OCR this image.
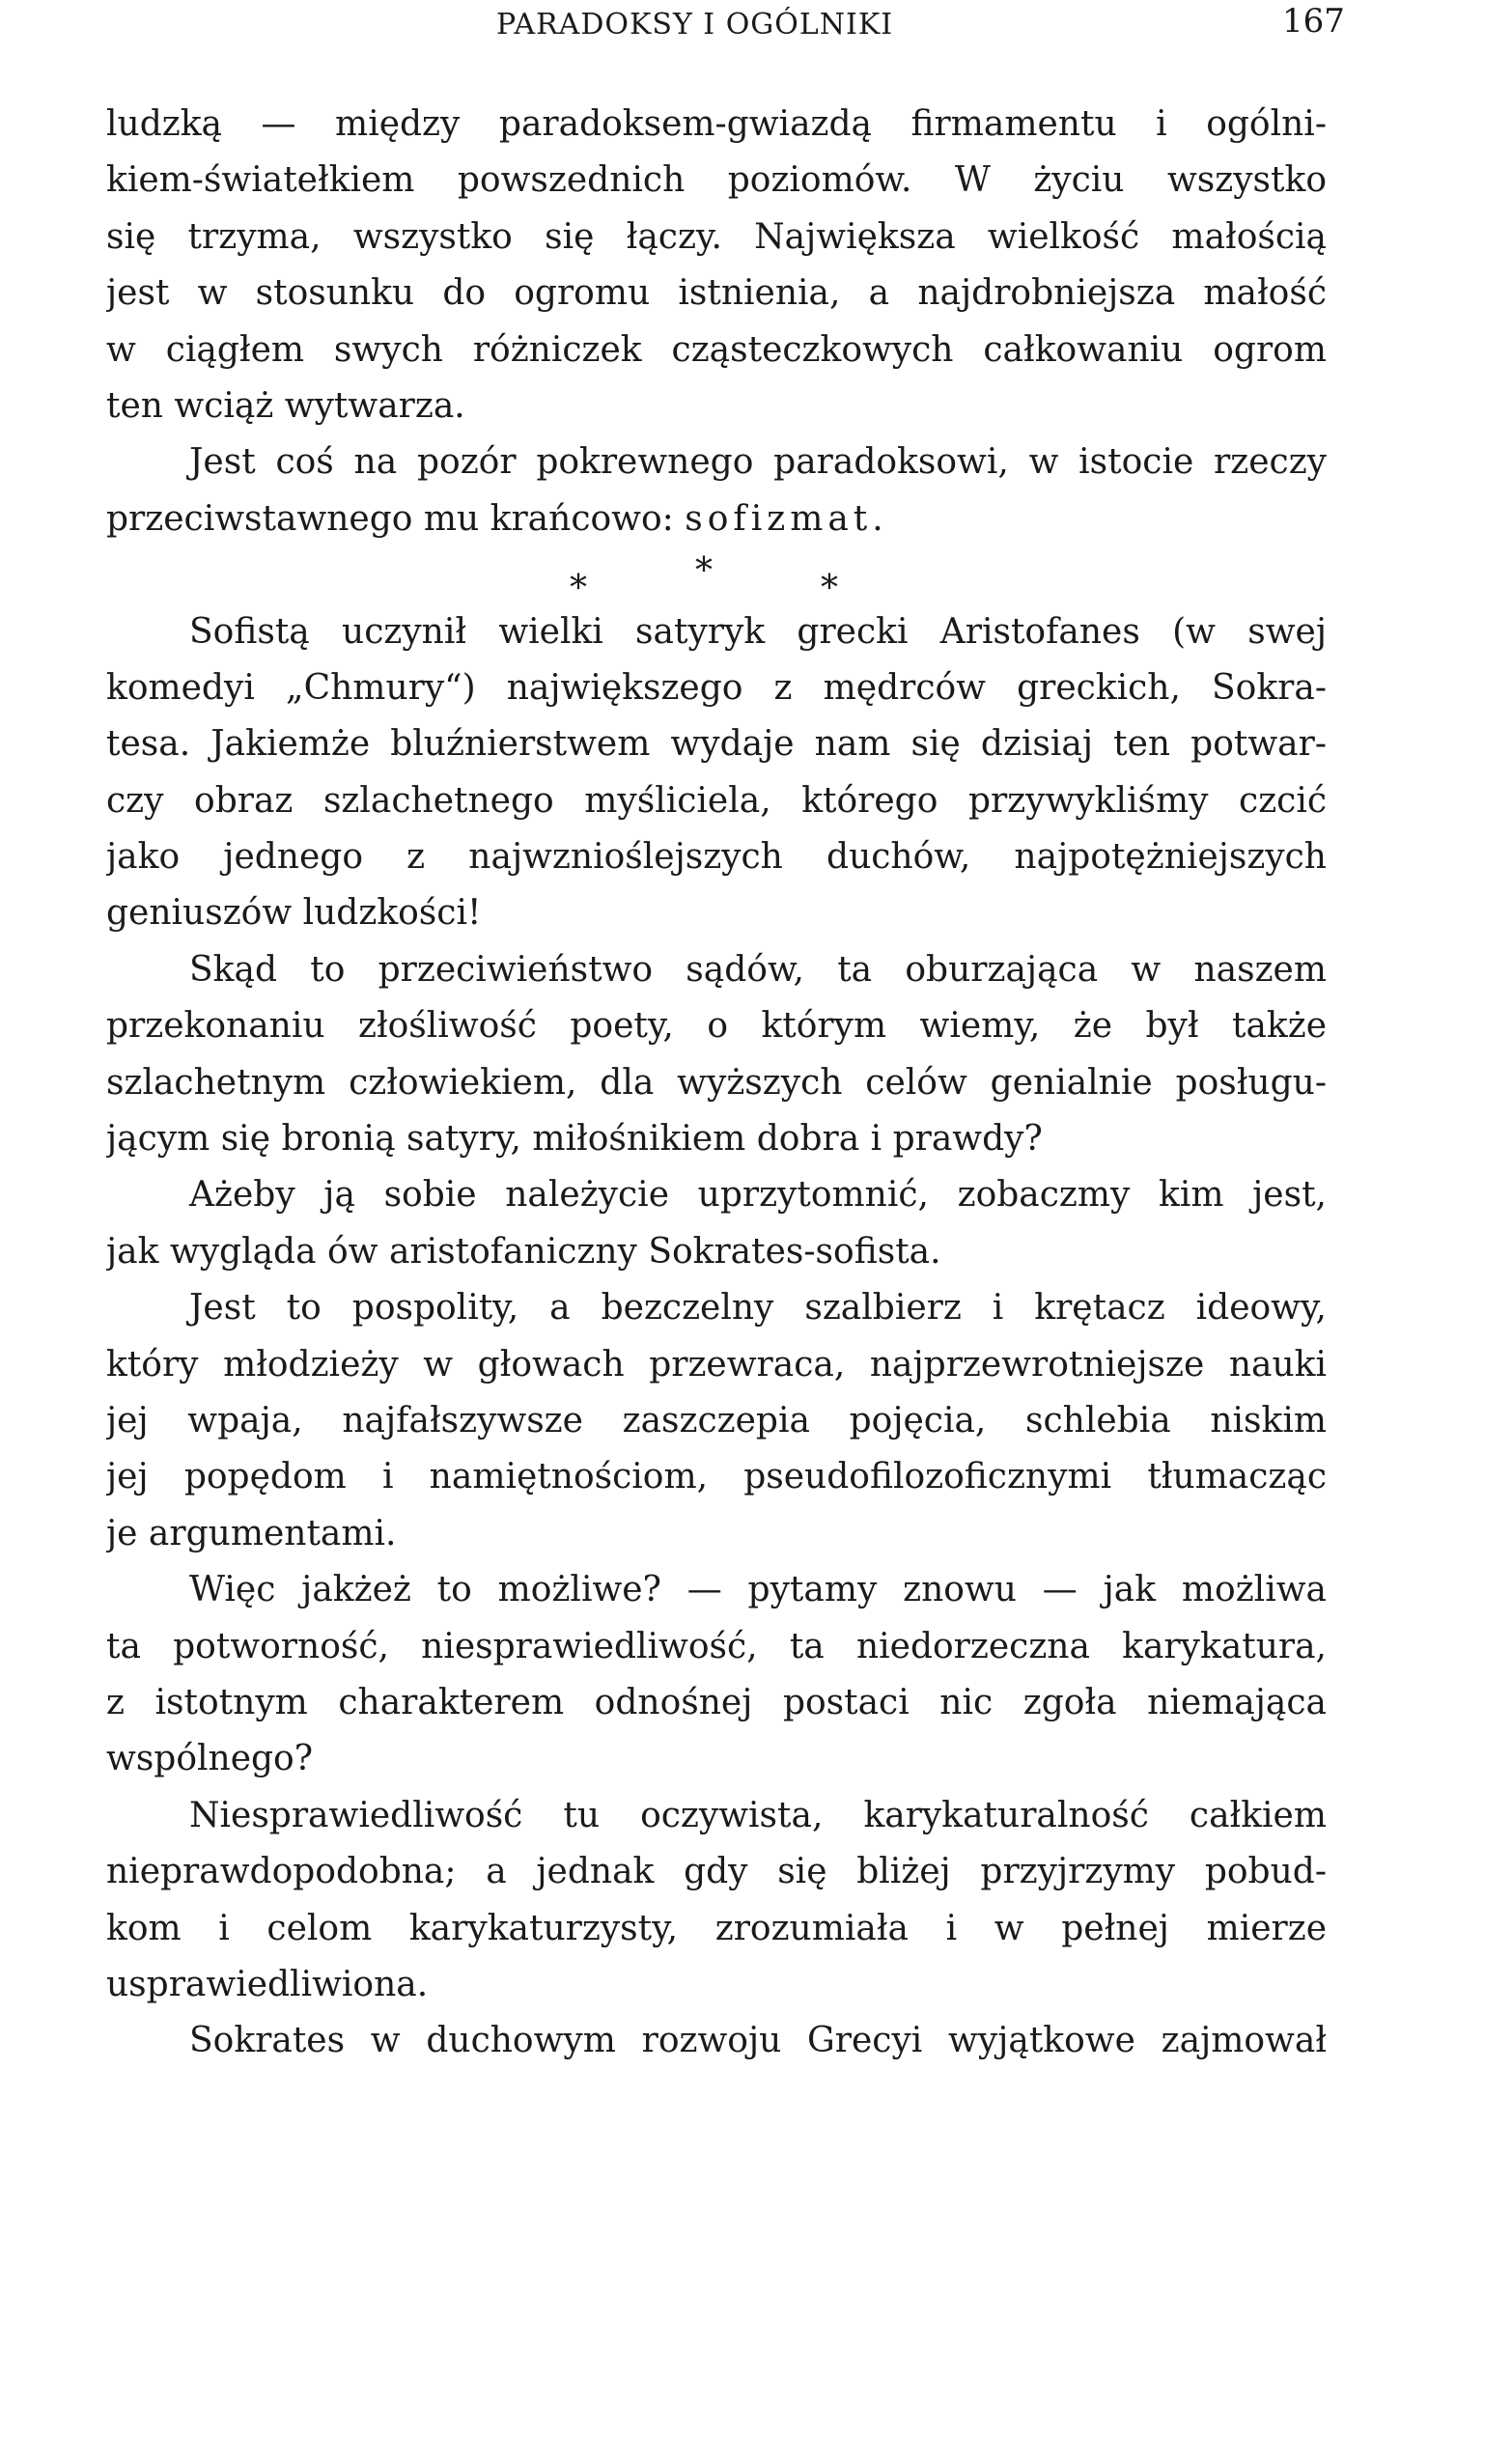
PARADOKSY I OGÓLNIKI	167
ludzką — między paradoksem-gwiazdą firmamentu i ogólni-
kiem-światełkiem powszednich poziomów. W życiu wszystko
się trzyma, wszystko się łączy. Największa wielkość małością
jest w stosunku do ogromu istnienia, a najdrobniejsza małość
w ciągłem swych różniczek cząsteczkowych całkowaniu ogrom
ten wciąż wytwarza.
Jest coś na pozór pokrewnego paradoksowi, w istocie rzeczy
przeciwstawnego mu krańcowo: sofizmat.
*	*	*
Sofistą uczynił wielki satyryk grecki Aristofanes (w swej
komedyi „Chmury“) największego z mędrców greckich, Sokra-
tesa. Jakiemże bluźnierstwem wydaje nam się dzisiaj ten potwar-
czy obraz szlachetnego myśliciela, którego przywykliśmy czcić
jako jednego z najwznioślejszych duchów, najpotężniejszych
geniuszów ludzkości!
Skąd to przeciwieństwo sądów, ta oburzająca w naszem
przekonaniu złośliwość poety, o którym wiemy, że był także
szlachetnym człowiekiem, dla wyższych celów genialnie posługu-
jącym się bronią satyry, miłośnikiem dobra i prawdy?
Ażeby ją sobie należycie uprzytomnić, zobaczmy kim jest,
jak wygląda ów aristofaniczny Sokrates-sofista.
Jest to pospolity, a bezczelny szalbierz i krętacz ideowy,
który młodzieży w głowach przewraca, najprzewrotniejsze nauki
jej wpaja, najfałszywsze zaszczepia pojęcia, schlebia niskim
jej popędom i namiętnościom, pseudofilozoficznymi tłumacząc
je argumentami.
Więc jakżeż to możliwe? — pytamy znowu — jak możliwa
ta potworność, niesprawiedliwość, ta niedorzeczna karykatura,
z istotnym charakterem odnośnej postaci nic zgoła niemająca
wspólnego?
Niesprawiedliwość tu oczywista, karykaturalność całkiem
nieprawdopodobna; a jednak gdy się bliżej przyjrzymy pobud-
kom i celom karykaturzysty, zrozumiała i w pełnej mierze
usprawiedliwiona.
Sokrates w duchowym rozwoju Grecyi wyjątkowe zajmował
